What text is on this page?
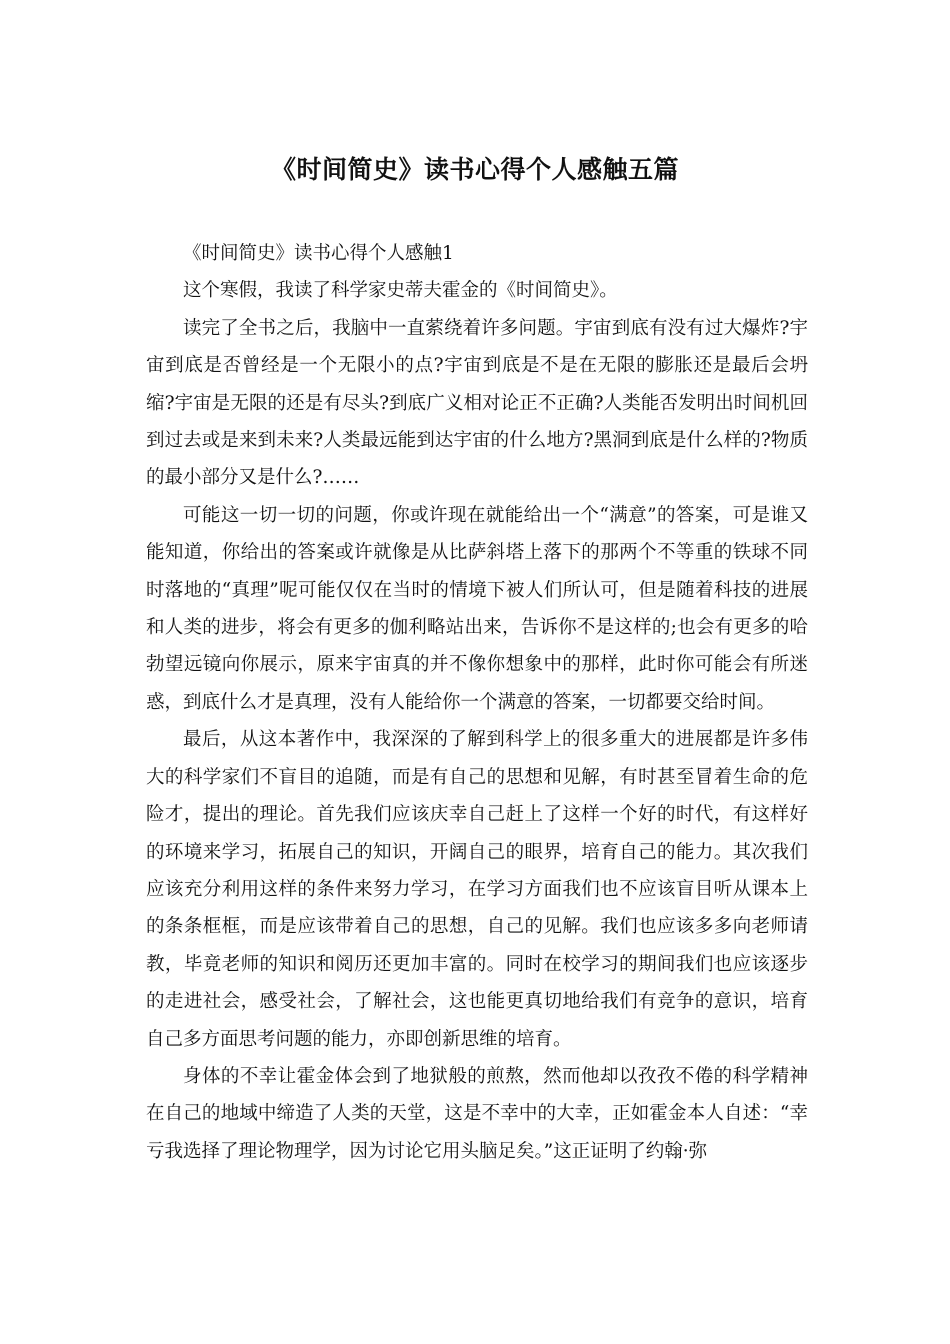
《时间简史》读书心得个人感触五篇

《时间简史》读书心得个人感触1

这个寒假，我读了科学家史蒂夫霍金的《时间简史》。

读完了全书之后，我脑中一直萦绕着许多问题。宇宙到底有没有过大爆炸?宇宙到底是否曾经是一个无限小的点?宇宙到底是不是在无限的膨胀还是最后会坍缩?宇宙是无限的还是有尽头?到底广义相对论正不正确?人类能否发明出时间机回到过去或是来到未来?人类最远能到达宇宙的什么地方?黑洞到底是什么样的?物质的最小部分又是什么?……

可能这一切一切的问题，你或许现在就能给出一个“满意”的答案，可是谁又能知道，你给出的答案或许就像是从比萨斜塔上落下的那两个不等重的铁球不同时落地的“真理”呢可能仅仅在当时的情境下被人们所认可，但是随着科技的进展和人类的进步，将会有更多的伽利略站出来，告诉你不是这样的;也会有更多的哈勃望远镜向你展示，原来宇宙真的并不像你想象中的那样，此时你可能会有所迷惑，到底什么才是真理，没有人能给你一个满意的答案，一切都要交给时间。

最后，从这本著作中，我深深的了解到科学上的很多重大的进展都是许多伟大的科学家们不盲目的追随，而是有自己的思想和见解，有时甚至冒着生命的危险才，提出的理论。首先我们应该庆幸自己赶上了这样一个好的时代，有这样好的环境来学习，拓展自己的知识，开阔自己的眼界，培育自己的能力。其次我们应该充分利用这样的条件来努力学习，在学习方面我们也不应该盲目听从课本上的条条框框，而是应该带着自己的思想，自己的见解。我们也应该多多向老师请教，毕竟老师的知识和阅历还更加丰富的。同时在校学习的期间我们也应该逐步的走进社会，感受社会，了解社会，这也能更真切地给我们有竞争的意识，培育自己多方面思考问题的能力，亦即创新思维的培育。

身体的不幸让霍金体会到了地狱般的煎熬，然而他却以孜孜不倦的科学精神在自己的地域中缔造了人类的天堂，这是不幸中的大幸，正如霍金本人自述：“幸亏我选择了理论物理学，因为讨论它用头脑足矣。”这正证明了约翰·弥
